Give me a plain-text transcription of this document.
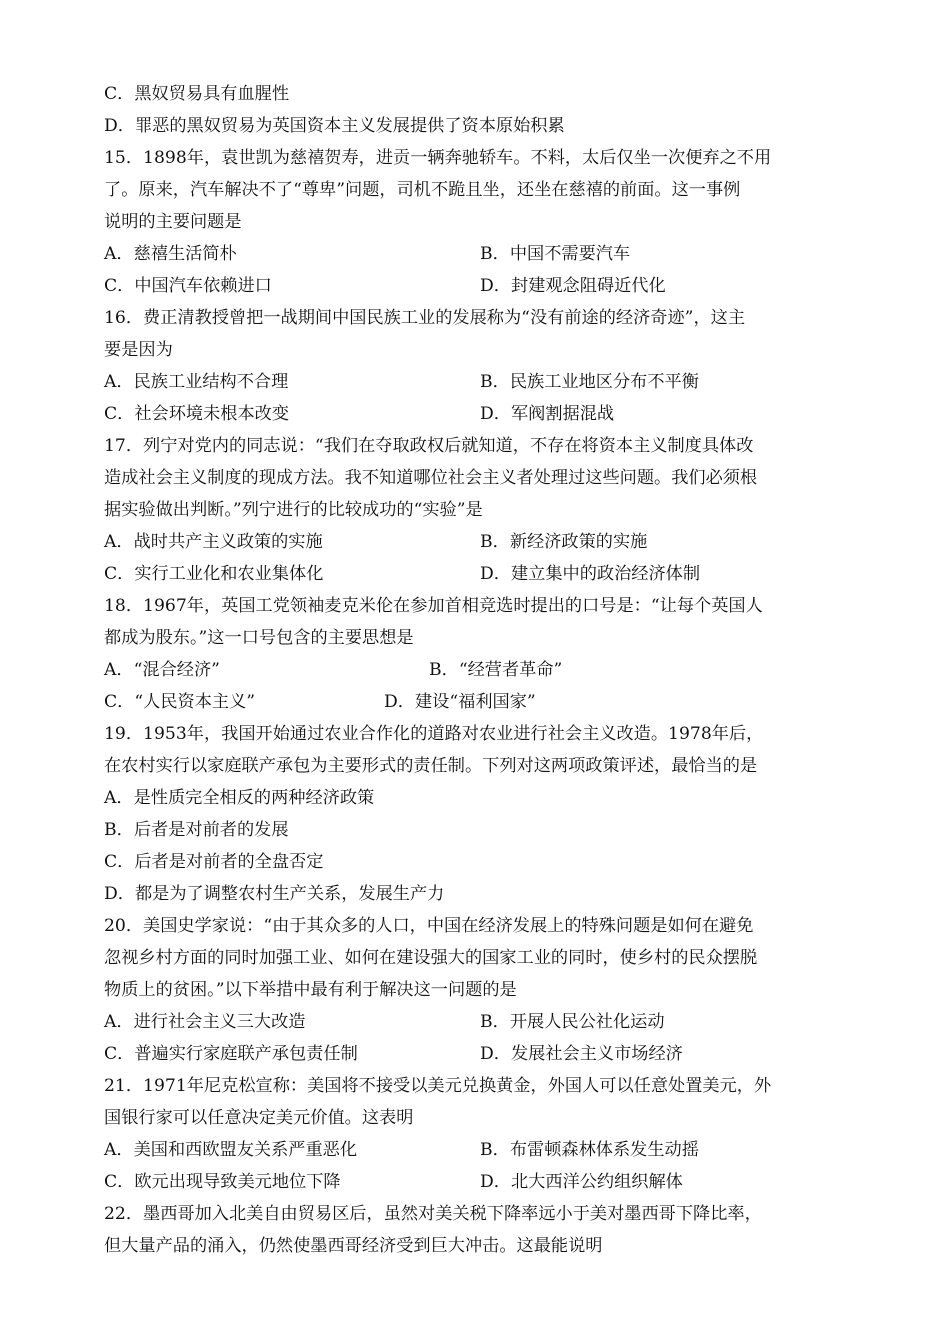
C．黑奴贸易具有血腥性
D．罪恶的黑奴贸易为英国资本主义发展提供了资本原始积累
15．1898年，袁世凯为慈禧贺寿，进贡一辆奔驰轿车。不料，太后仅坐一次便弃之不用
了。原来，汽车解决不了“尊卑”问题，司机不跪且坐，还坐在慈禧的前面。这一事例
说明的主要问题是
A．慈禧生活简朴	B．中国不需要汽车
C．中国汽车依赖进口	D．封建观念阻碍近代化
16．费正清教授曾把一战期间中国民族工业的发展称为“没有前途的经济奇迹”，这主
要是因为
A．民族工业结构不合理	B．民族工业地区分布不平衡
C．社会环境未根本改变	D．军阀割据混战
17．列宁对党内的同志说：“我们在夺取政权后就知道，不存在将资本主义制度具体改
造成社会主义制度的现成方法。我不知道哪位社会主义者处理过这些问题。我们必须根
据实验做出判断。”列宁进行的比较成功的“实验”是
A．战时共产主义政策的实施	B．新经济政策的实施
C．实行工业化和农业集体化	D．建立集中的政治经济体制
18．1967年，英国工党领袖麦克米伦在参加首相竞选时提出的口号是：“让每个英国人
都成为股东。”这一口号包含的主要思想是
A．“混合经济”	B．“经营者革命”
C．“人民资本主义”	D．建设“福利国家”
19．1953年，我国开始通过农业合作化的道路对农业进行社会主义改造。1978年后，
在农村实行以家庭联产承包为主要形式的责任制。下列对这两项政策评述，最恰当的是
A．是性质完全相反的两种经济政策
B．后者是对前者的发展
C．后者是对前者的全盘否定
D．都是为了调整农村生产关系，发展生产力
20．美国史学家说：“由于其众多的人口，中国在经济发展上的特殊问题是如何在避免
忽视乡村方面的同时加强工业、如何在建设强大的国家工业的同时，使乡村的民众摆脱
物质上的贫困。”以下举措中最有利于解决这一问题的是
A．进行社会主义三大改造	B．开展人民公社化运动
C．普遍实行家庭联产承包责任制	D．发展社会主义市场经济
21．1971年尼克松宣称：美国将不接受以美元兑换黄金，外国人可以任意处置美元，外
国银行家可以任意决定美元价值。这表明
A．美国和西欧盟友关系严重恶化	B．布雷顿森林体系发生动摇
C．欧元出现导致美元地位下降	D．北大西洋公约组织解体
22．墨西哥加入北美自由贸易区后，虽然对美关税下降率远小于美对墨西哥下降比率，
但大量产品的涌入，仍然使墨西哥经济受到巨大冲击。这最能说明
